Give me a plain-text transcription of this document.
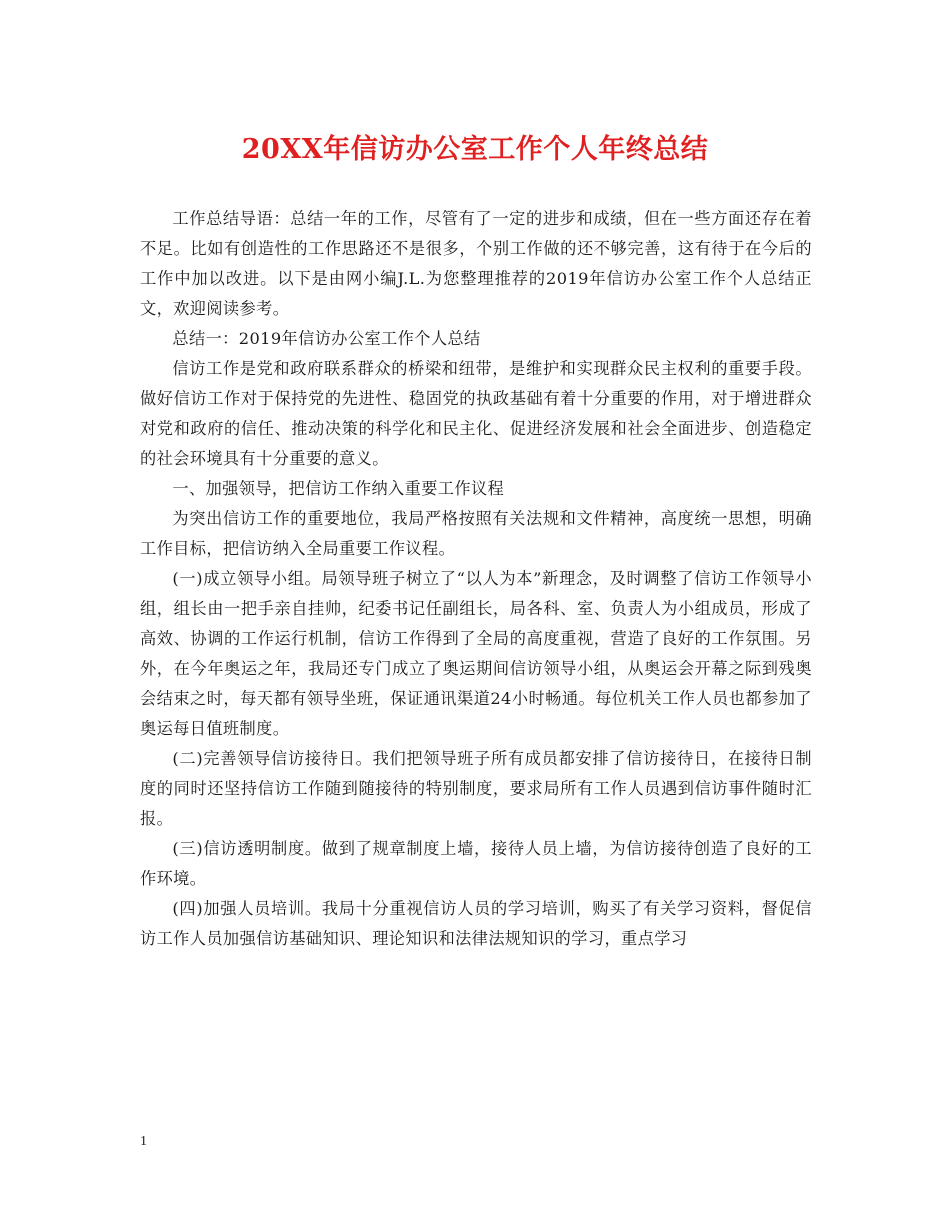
20XX年信访办公室工作个人年终总结

工作总结导语：总结一年的工作，尽管有了一定的进步和成绩，但在一些方面还存在着不足。比如有创造性的工作思路还不是很多，个别工作做的还不够完善，这有待于在今后的工作中加以改进。以下是由网小编J.L.为您整理推荐的2019年信访办公室工作个人总结正文，欢迎阅读参考。

总结一：2019年信访办公室工作个人总结

信访工作是党和政府联系群众的桥梁和纽带，是维护和实现群众民主权利的重要手段。做好信访工作对于保持党的先进性、稳固党的执政基础有着十分重要的作用，对于增进群众对党和政府的信任、推动决策的科学化和民主化、促进经济发展和社会全面进步、创造稳定的社会环境具有十分重要的意义。

一、加强领导，把信访工作纳入重要工作议程

为突出信访工作的重要地位，我局严格按照有关法规和文件精神，高度统一思想，明确工作目标，把信访纳入全局重要工作议程。

(一)成立领导小组。局领导班子树立了“以人为本”新理念，及时调整了信访工作领导小组，组长由一把手亲自挂帅，纪委书记任副组长，局各科、室、负责人为小组成员，形成了高效、协调的工作运行机制，信访工作得到了全局的高度重视，营造了良好的工作氛围。另外，在今年奥运之年，我局还专门成立了奥运期间信访领导小组，从奥运会开幕之际到残奥会结束之时，每天都有领导坐班，保证通讯渠道24小时畅通。每位机关工作人员也都参加了奥运每日值班制度。

(二)完善领导信访接待日。我们把领导班子所有成员都安排了信访接待日，在接待日制度的同时还坚持信访工作随到随接待的特别制度，要求局所有工作人员遇到信访事件随时汇报。

(三)信访透明制度。做到了规章制度上墙，接待人员上墙，为信访接待创造了良好的工作环境。

(四)加强人员培训。我局十分重视信访人员的学习培训，购买了有关学习资料，督促信访工作人员加强信访基础知识、理论知识和法律法规知识的学习，重点学习

1
